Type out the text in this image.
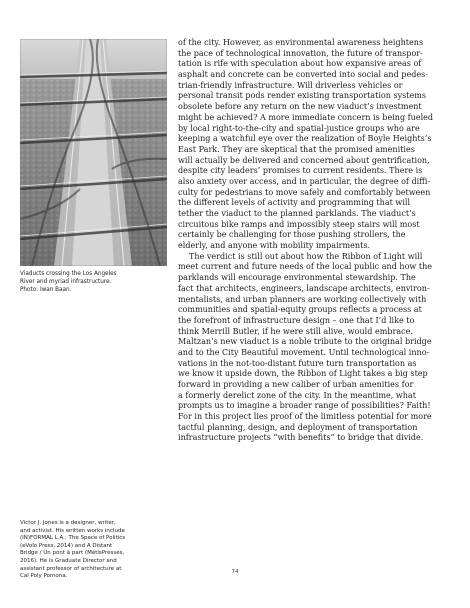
Viaducts crossing the Los Angeles
River and myriad infrastructure.
Photo: Iwan Baan.
Victor J. Jones is a designer, writer,
and activist. His written works include
(IN)FORMAL L.A.: The Space of Politics
(eVolo Press, 2014) and A Distant
Bridge / Un pont à part (MétisPresses,
2016). He is Graduate Director and
assistant professor of architecture at
Cal Poly Pomona.
of the city. However, as environmental awareness heightens
the pace of technological innovation, the future of transpor-
tation is rife with speculation about how expansive areas of
asphalt and concrete can be converted into social and pedes-
trian-friendly infrastructure. Will driverless vehicles or
personal transit pods render existing transportation systems
obsolete before any return on the new viaduct’s investment
might be achieved? A more immediate concern is being fueled
by local right-to-the-city and spatial-justice groups who are
keeping a watchful eye over the realization of Boyle Heights’s
East Park. They are skeptical that the promised amenities
will actually be delivered and concerned about gentrification,
despite city leaders’ promises to current residents. There is
also anxiety over access, and in particular, the degree of diffi-
culty for pedestrians to move safely and comfortably between
the different levels of activity and programming that will
tether the viaduct to the planned parklands. The viaduct’s
circuitous bike ramps and impossibly steep stairs will most
certainly be challenging for those pushing strollers, the
elderly, and anyone with mobility impairments.
The verdict is still out about how the Ribbon of Light will
meet current and future needs of the local public and how the
parklands will encourage environmental stewardship. The
fact that architects, engineers, landscape architects, environ-
mentalists, and urban planners are working collectively with
communities and spatial-equity groups reflects a process at
the forefront of infrastructure design – one that I’d like to
think Merrill Butler, if he were still alive, would embrace.
Maltzan’s new viaduct is a noble tribute to the original bridge
and to the City Beautiful movement. Until technological inno-
vations in the not-too-distant future turn transportation as
we know it upside down, the Ribbon of Light takes a big step
forward in providing a new caliber of urban amenities for
a formerly derelict zone of the city. In the meantime, what
prompts us to imagine a broader range of possibilities? Faith!
For in this project lies proof of the limitless potential for more
tactful planning, design, and deployment of transportation
infrastructure projects “with benefits” to bridge that divide.
74
